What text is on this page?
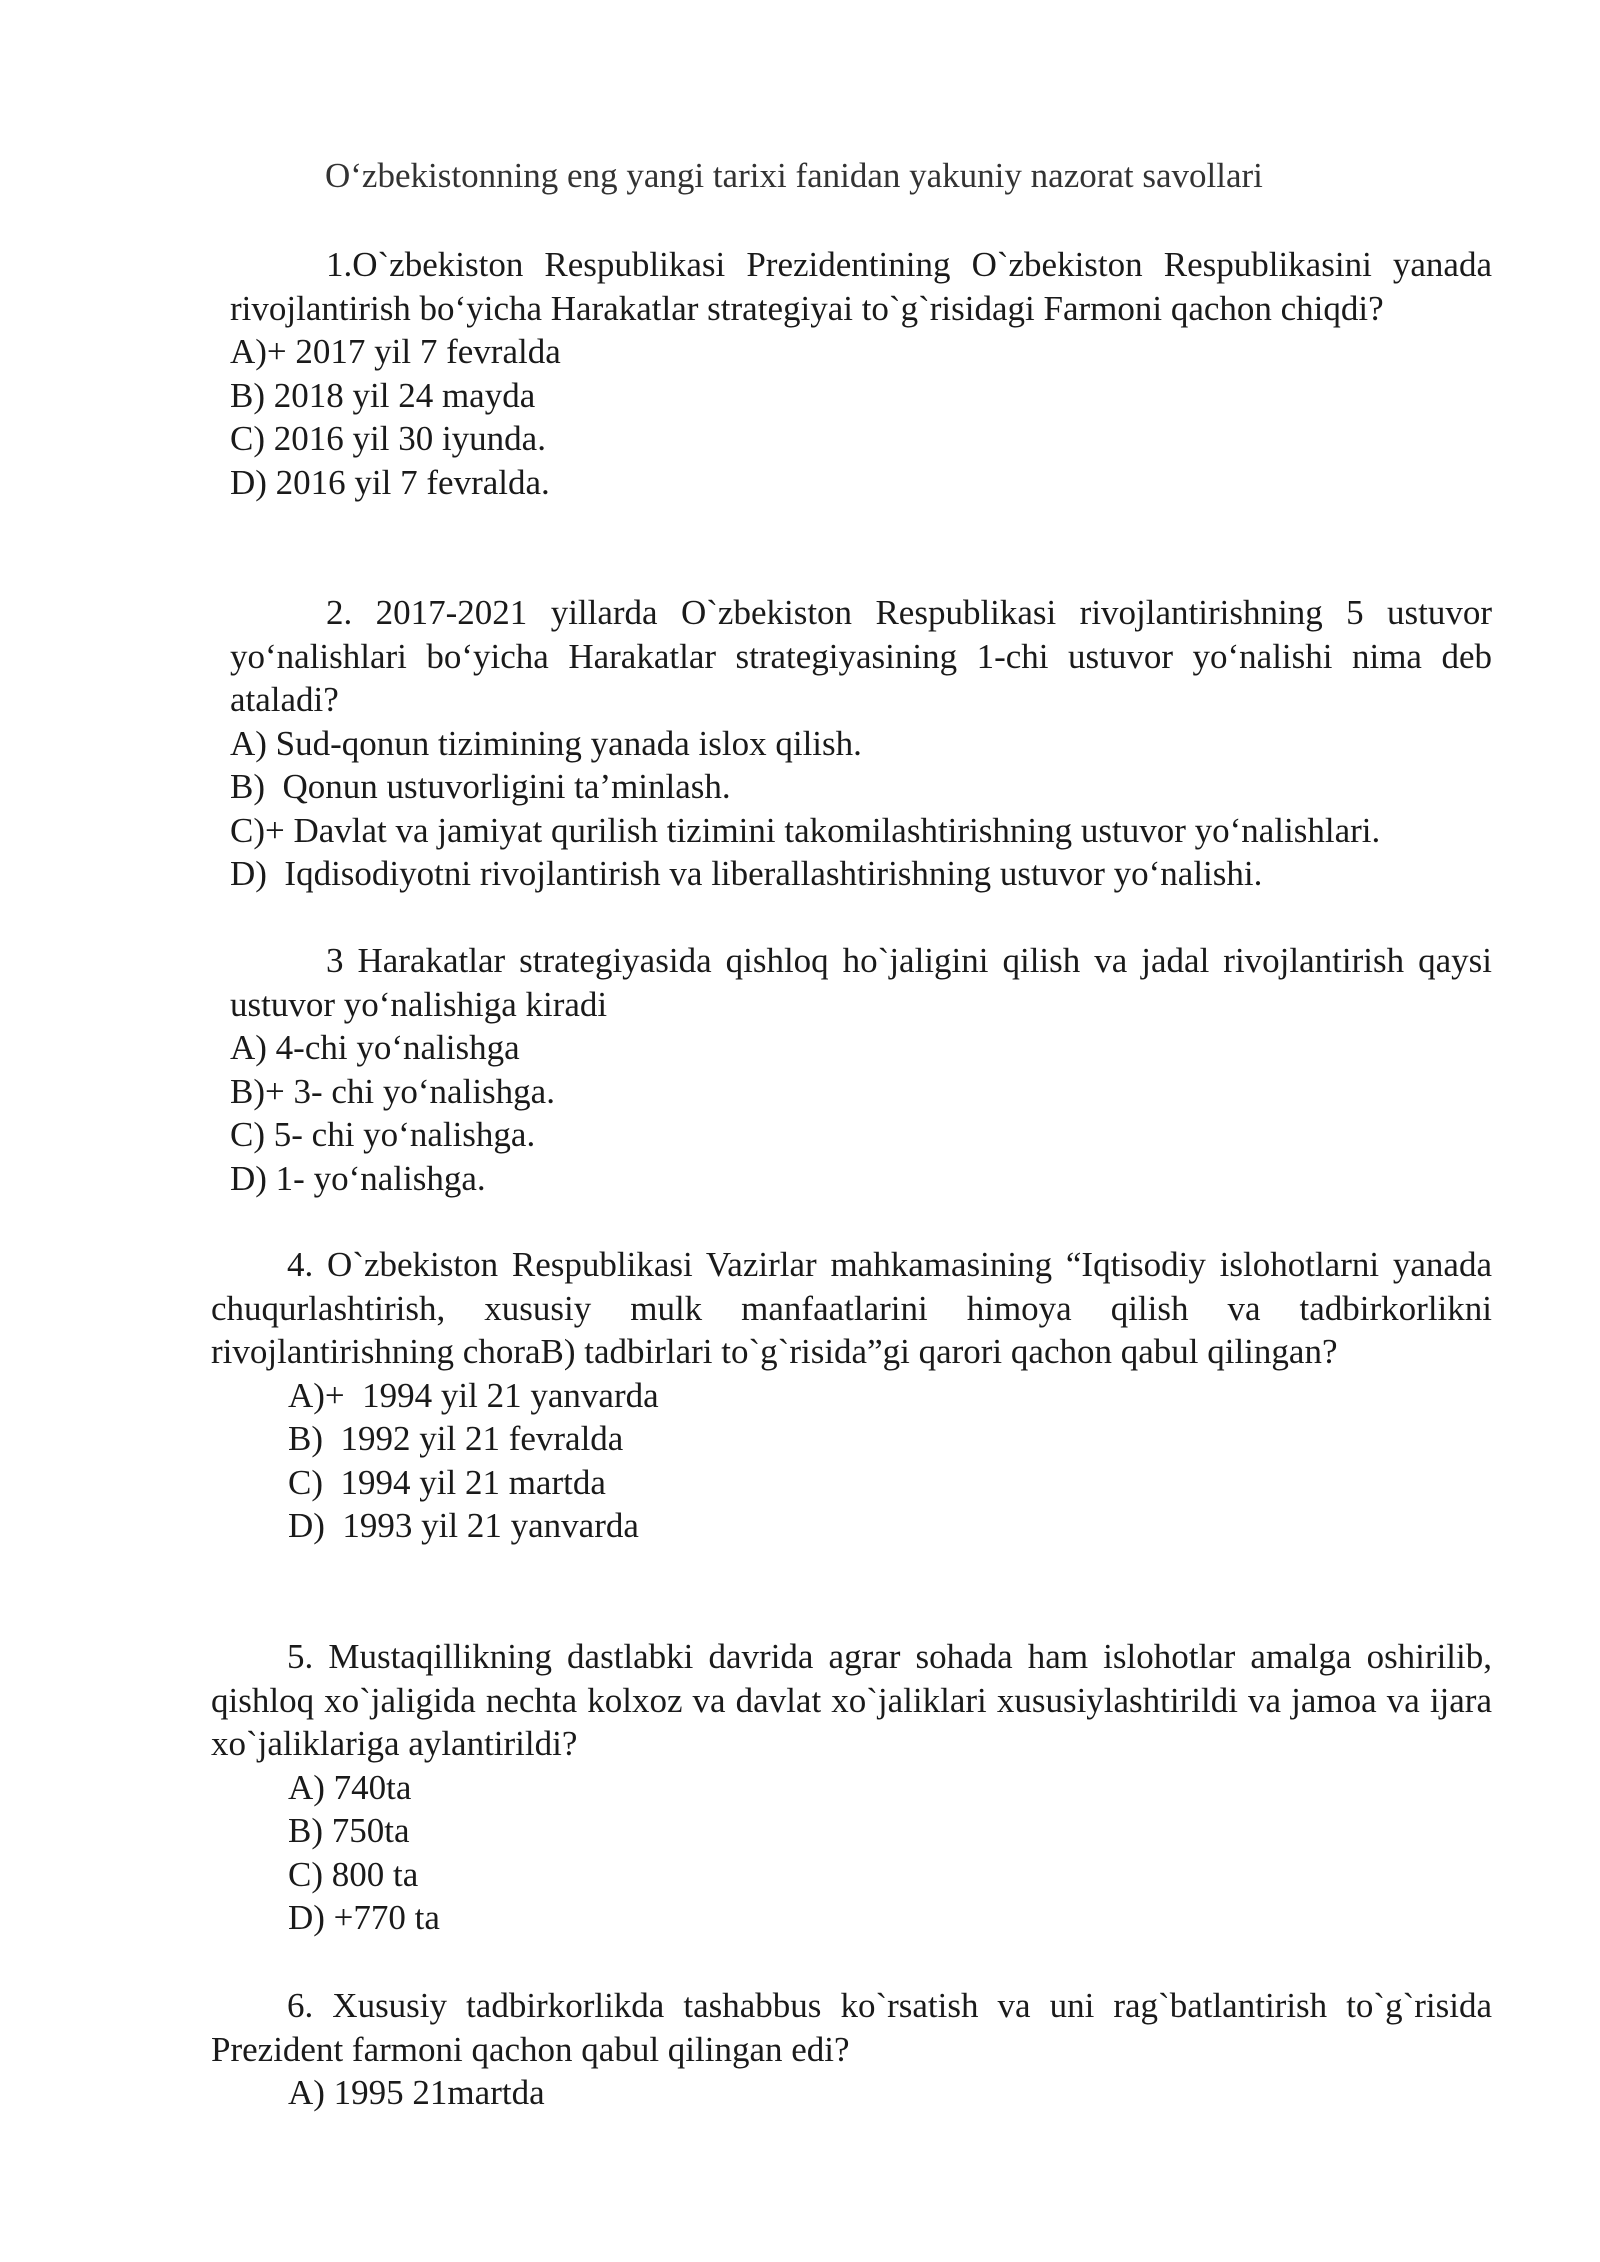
O‘zbekistonning eng yangi tarixi fanidan yakuniy nazorat savollari

1.O`zbekiston Respublikasi Prezidentining O`zbekiston Respublikasini yanada rivojlantirish bo‘yicha Harakatlar strategiyai to`g`risidagi Farmoni qachon chiqdi?

A)+ 2017 yil 7 fevralda
B) 2018 yil 24 mayda
C) 2016 yil 30 iyunda.
D) 2016 yil 7 fevralda.

2. 2017-2021 yillarda O`zbekiston Respublikasi rivojlantirishning 5 ustuvor yo‘nalishlari bo‘yicha Harakatlar strategiyasining 1-chi ustuvor yo‘nalishi nima deb ataladi?

A) Sud-qonun tizimining yanada islox qilish.
B)  Qonun ustuvorligini ta’minlash.
C)+ Davlat va jamiyat qurilish tizimini takomilashtirishning ustuvor yo‘nalishlari.
D)  Iqdisodiyotni rivojlantirish va liberallashtirishning ustuvor yo‘nalishi.

3 Harakatlar strategiyasida qishloq ho`jaligini qilish va jadal rivojlantirish qaysi ustuvor yo‘nalishiga kiradi

A) 4-chi yo‘nalishga
B)+ 3- chi yo‘nalishga.
C) 5- chi yo‘nalishga.
D) 1- yo‘nalishga.

4. O`zbekiston Respublikasi Vazirlar mahkamasining “Iqtisodiy islohotlarni yanada chuqurlashtirish, xususiy mulk manfaatlarini himoya qilish va tadbirkorlikni rivojlantirishning choraB) tadbirlari to`g`risida”gi qarori qachon qabul qilingan?

A)+  1994 yil 21 yanvarda
B)  1992 yil 21 fevralda
C)  1994 yil 21 martda
D)  1993 yil 21 yanvarda

5. Mustaqillikning dastlabki davrida agrar sohada ham islohotlar amalga oshirilib, qishloq xo`jaligida nechta kolxoz va davlat xo`jaliklari xususiylashtirildi va jamoa va ijara xo`jaliklariga aylantirildi?

A) 740ta
B) 750ta
C) 800 ta
D) +770 ta

6. Xususiy tadbirkorlikda tashabbus ko`rsatish va uni rag`batlantirish to`g`risida Prezident farmoni qachon qabul qilingan edi?

A) 1995 21martda
